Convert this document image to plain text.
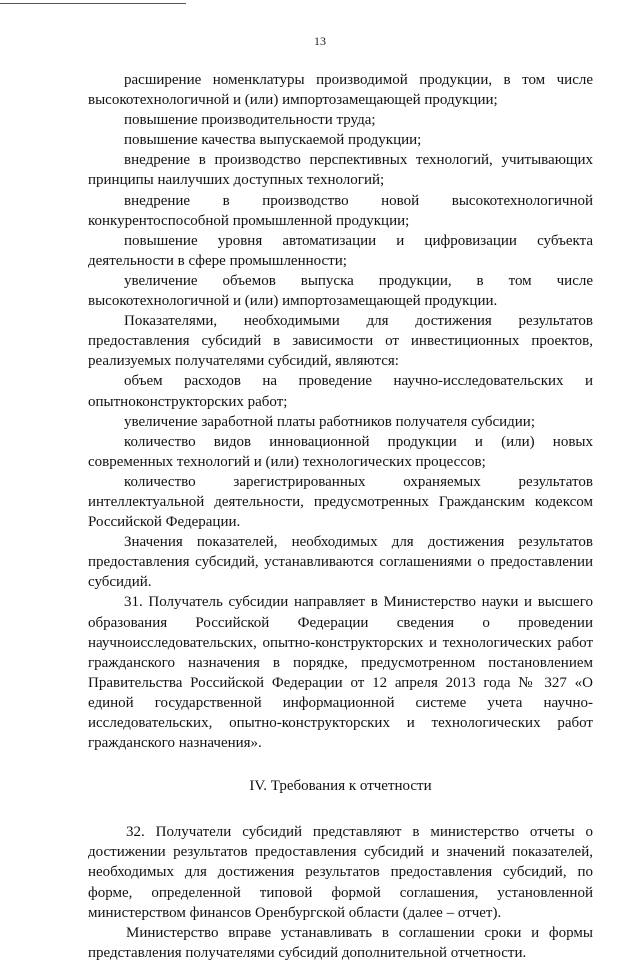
13

расширение номенклатуры производимой продукции, в том числе высокотехнологичной и (или) импортозамещающей продукции;

повышение производительности труда;

повышение качества выпускаемой продукции;

внедрение в производство перспективных технологий, учитывающих принципы наилучших доступных технологий;

внедрение в производство новой высокотехнологичной конкурентоспособной промышленной продукции;

повышение уровня автоматизации и цифровизации субъекта деятельности в сфере промышленности;

увеличение объемов выпуска продукции, в том числе высокотехнологичной и (или) импортозамещающей продукции.

Показателями, необходимыми для достижения результатов предоставления субсидий в зависимости от инвестиционных проектов, реализуемых получателями субсидий, являются:

объем расходов на проведение научно-исследовательских и опытноконструкторских работ;

увеличение заработной платы работников получателя субсидии;

количество видов инновационной продукции и (или) новых современных технологий и (или) технологических процессов;

количество зарегистрированных охраняемых результатов интеллектуальной деятельности, предусмотренных Гражданским кодексом Российской Федерации.

Значения показателей, необходимых для достижения результатов предоставления субсидий, устанавливаются соглашениями о предоставлении субсидий.

31. Получатель субсидии направляет в Министерство науки и высшего образования Российской Федерации сведения о проведении научноисследовательских, опытно-конструкторских и технологических работ гражданского назначения в порядке, предусмотренном постановлением Правительства Российской Федерации от 12 апреля 2013 года № 327 «О единой государственной информационной системе учета научно-исследовательских, опытно-конструкторских и технологических работ гражданского назначения».

IV. Требования к отчетности

32. Получатели субсидий представляют в министерство отчеты о достижении результатов предоставления субсидий и значений показателей, необходимых для достижения результатов предоставления субсидий, по форме, определенной типовой формой соглашения, установленной министерством финансов Оренбургской области (далее – отчет).

Министерство вправе устанавливать в соглашении сроки и формы представления получателями субсидий дополнительной отчетности.
